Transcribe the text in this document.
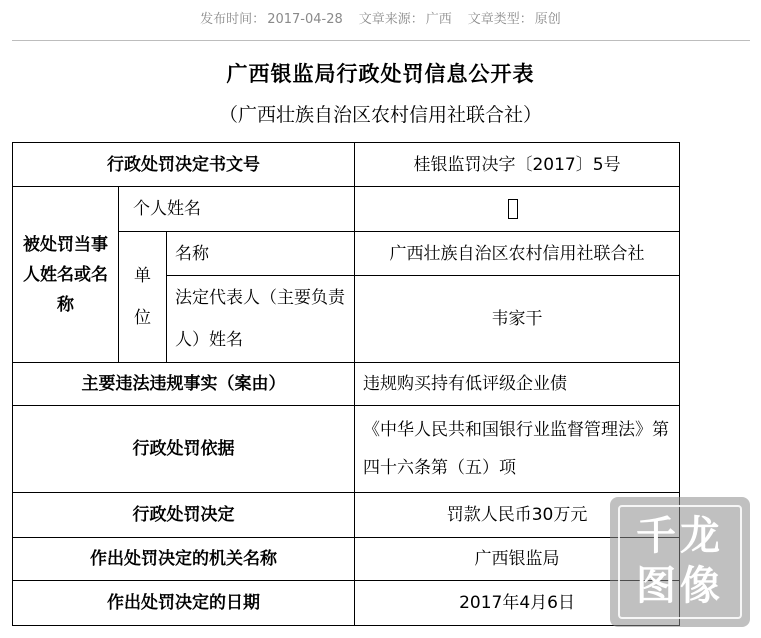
发布时间： 2017-04-28 文章来源： 广西 文章类型： 原创
广西银监局行政处罚信息公开表
（广西壮族自治区农村信用社联合社）
行政处罚决定书文号			桂银监罚决字〔2017〕5号
被处罚当事人姓名或名称	个人姓名		
	单位	名称	广西壮族自治区农村信用社联合社
		法定代表人（主要负责人）姓名	韦家干
主要违法违规事实（案由）			违规购买持有低评级企业债
行政处罚依据			《中华人民共和国银行业监督管理法》第四十六条第（五）项
行政处罚决定			罚款人民币30万元
作出处罚决定的机关名称			广西银监局
作出处罚决定的日期			2017年4月6日
千龙
图像
